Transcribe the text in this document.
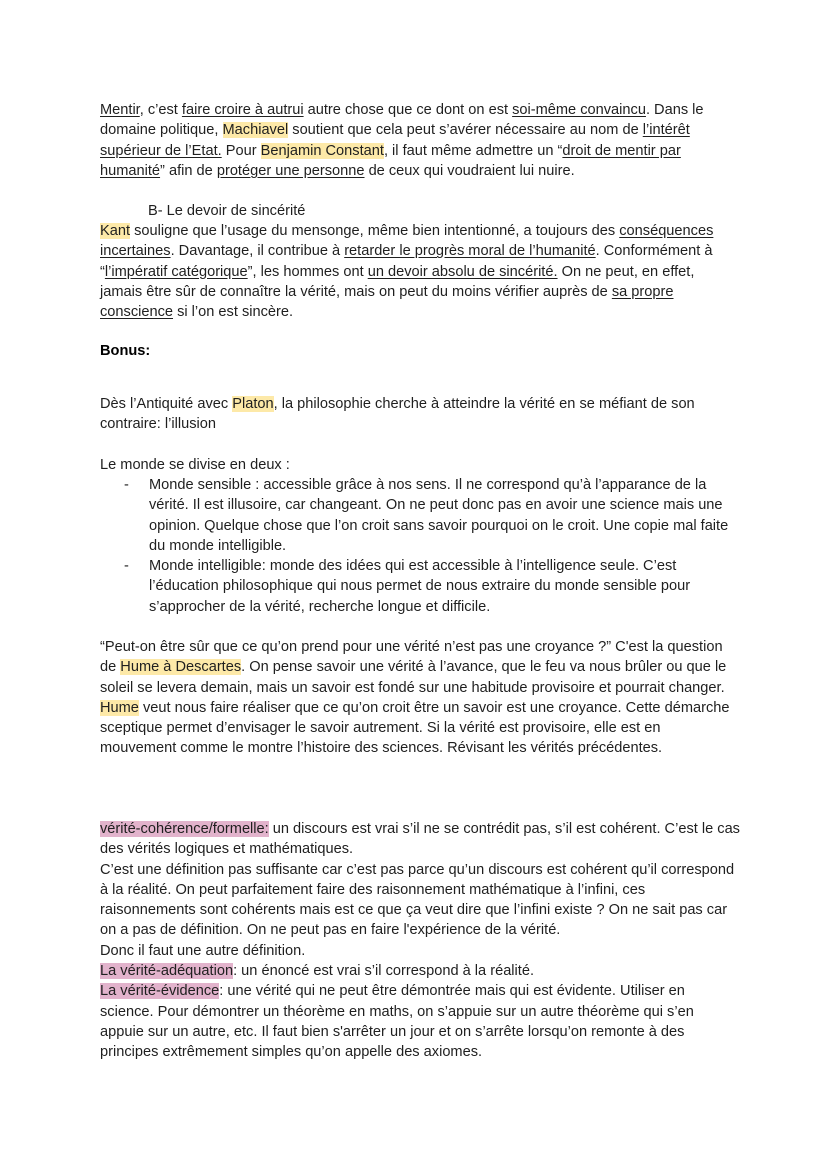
Mentir, c’est faire croire à autrui autre chose que ce dont on est soi-même convaincu. Dans le domaine politique, Machiavel soutient que cela peut s’avérer nécessaire au nom de l’intérêt supérieur de l’Etat. Pour Benjamin Constant, il faut même admettre un “droit de mentir par humanité” afin de protéger une personne de ceux qui voudraient lui nuire.

B- Le devoir de sincérité

Kant souligne que l’usage du mensonge, même bien intentionné, a toujours des conséquences incertaines. Davantage, il contribue à retarder le progrès moral de l’humanité. Conformément à “l’impératif catégorique”, les hommes ont un devoir absolu de sincérité. On ne peut, en effet, jamais être sûr de connaître la vérité, mais on peut du moins vérifier auprès de sa propre conscience si l’on est sincère.

Bonus:

Dès l’Antiquité avec Platon, la philosophie cherche à atteindre la vérité en se méfiant de son contraire: l’illusion

Le monde se divise en deux :

- Monde sensible : accessible grâce à nos sens. Il ne correspond qu’à l’apparance de la vérité. Il est illusoire, car changeant. On ne peut donc pas en avoir une science mais une opinion. Quelque chose que l’on croit sans savoir pourquoi on le croit. Une copie mal faite du monde intelligible.
- Monde intelligible: monde des idées qui est accessible à l’intelligence seule. C’est l’éducation philosophique qui nous permet de nous extraire du monde sensible pour s’approcher de la vérité, recherche longue et difficile.

“Peut-on être sûr que ce qu’on prend pour une vérité n’est pas une croyance ?” C'est la question de Hume à Descartes. On pense savoir une vérité à l’avance, que le feu va nous brûler ou que le soleil se levera demain, mais un savoir est fondé sur une habitude provisoire et pourrait changer.

Hume veut nous faire réaliser que ce qu’on croit être un savoir est une croyance. Cette démarche sceptique permet d’envisager le savoir autrement. Si la vérité est provisoire, elle est en mouvement comme le montre l’histoire des sciences. Révisant les vérités précédentes.

vérité-cohérence/formelle: un discours est vrai s’il ne se contrédit pas, s’il est cohérent. C’est le cas des vérités logiques et mathématiques.

C’est une définition pas suffisante car c’est pas parce qu’un discours est cohérent qu’il correspond à la réalité. On peut parfaitement faire des raisonnement mathématique à l’infini, ces raisonnements sont cohérents mais est ce que ça veut dire que l’infini existe ? On ne sait pas car on a pas de définition. On ne peut pas en faire l'expérience de la vérité.

Donc il faut une autre définition.

La vérité-adéquation: un énoncé est vrai s’il correspond à la réalité.

La vérité-évidence: une vérité qui ne peut être démontrée mais qui est évidente. Utiliser en science. Pour démontrer un théorème en maths, on s’appuie sur un autre théorème qui s’en appuie sur un autre, etc. Il faut bien s'arrêter un jour et on s’arrête lorsqu’on remonte à des principes extrêmement simples qu’on appelle des axiomes.
